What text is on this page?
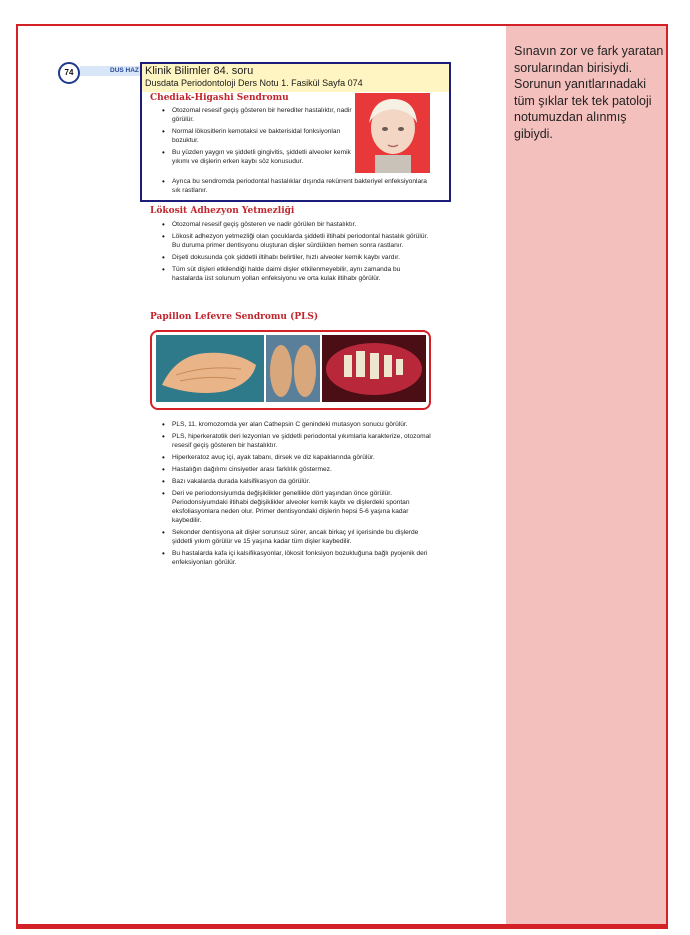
Sınavın zor ve fark yaratan sorularından birisiydi. Sorunun yanıtlarınadaki tüm şıklar tek tek patoloji notumuzdan alınmış gibiydi.
DUS HAZ
74
Chediak-Higashi Sendromu
• Otozomal resesif geçiş gösteren bir herediter hastalıktır, nadir görülür.
• Normal lökositlerin kemotaksi ve bakterisidal fonksiyonları bozuktur.
• Bu yüzden yaygın ve şiddetli gingivitis, şiddetli alveoler kemik yıkımı ve dişlerin erken kaybı söz konusudur.
• Ayrıca bu sendromda periodontal hastalıklar dışında rekürrent bakteriyel enfeksiyonlara sık rastlanır.
Klinik Bilimler 84. soru
Dusdata Periodontoloji Ders Notu 1. Fasikül Sayfa 074
Lökosit Adhezyon Yetmezliği
• Otozomal resesif geçiş gösteren ve nadir görülen bir hastalıktır.
• Lökosit adhezyon yetmezliği olan çocuklarda şiddetli iltihabi periodontal hastalık görülür. Bu duruma primer dentisyonu oluşturan dişler sürdükten hemen sonra rastlanır.
• Dişeti dokusunda çok şiddetli iltihabı belirtiler, hızlı alveoler kemik kaybı vardır.
• Tüm süt dişleri etkilendiği halde daimi dişler etkilenmeyebilir, aynı zamanda bu hastalarda üst solunum yolları enfeksiyonu ve orta kulak iltihabı görülür.
Papillon Lefevre Sendromu (PLS)
• PLS, 11. kromozomda yer alan Cathepsin C genindeki mutasyon sonucu görülür.
• PLS, hiperkeratotik deri lezyonları ve şiddetli periodontal yıkımlarla karakterize, otozomal resesif geçiş gösteren bir hastalıktır.
• Hiperkeratoz avuç içi, ayak tabanı, dirsek ve diz kapaklarında görülür.
• Hastalığın dağılımı cinsiyetler arası farklılık göstermez.
• Bazı vakalarda durada kalsifikasyon da görülür.
• Deri ve periodonsiyumda değişiklikler genellikle dört yaşından önce görülür. Periodonsiyumdaki iltihabi değişiklikler alveoler kemik kaybı ve dişlerdeki spontan eksfoliasyonlara neden olur. Primer dentisyondaki dişlerin hepsi 5-6 yaşına kadar kaybedilir.
• Sekonder dentisyona ait dişler sorunsuz sürer, ancak birkaç yıl içerisinde bu dişlerde şiddetli yıkım görülür ve 15 yaşına kadar tüm dişler kaybedilir.
• Bu hastalarda kafa içi kalsifikasyonlar, lökosit fonksiyon bozukluğuna bağlı pyojenik deri enfeksiyonları görülür.
